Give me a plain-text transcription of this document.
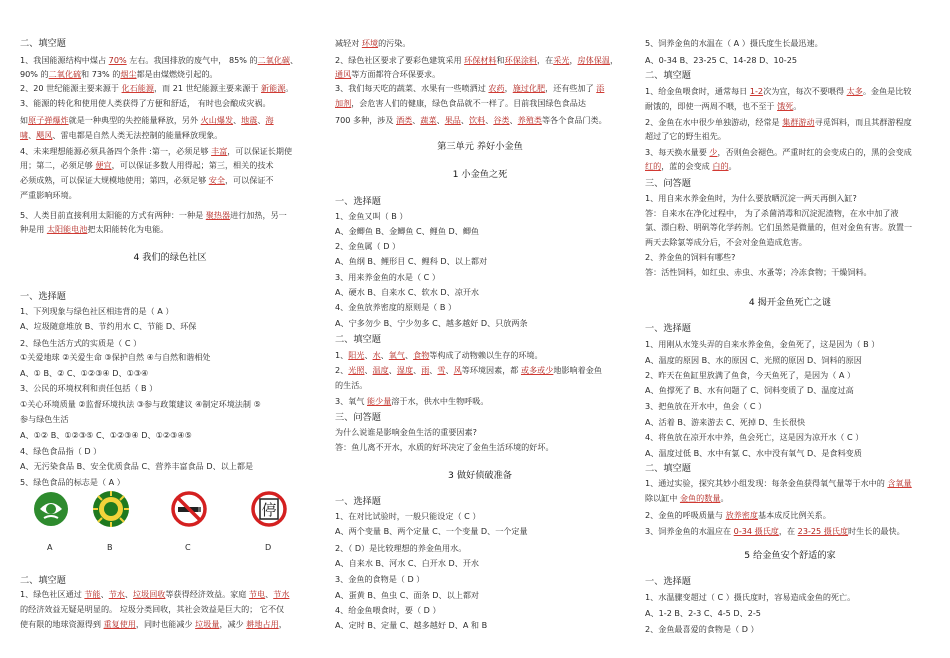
二、填空题
1、我国能源结构中煤占 70% 左右。我国排放的废气中， 85% 的二氧化碳、
90% 的二氧化硫和 73% 的烟尘都是由煤燃烧引起的。
2、20 世纪能源主要来源于 化石能源，而 21 世纪能源主要来源于 新能源。
3、能源的转化和使用使人类获得了方便和舒适， 有时也会酿成灾祸。
如原子弹爆炸就是一种典型的失控能量释放，另外 火山爆发、地震、海
啸、飓风、雷电都是自然人类无法控制的能量释放现象。
4、未来理想能源必须具备四个条件 :第一，必须足够 丰富，可以保证长期使
用；第二，必须足够 便宜，可以保证多数人用得起；第三，相关的技术
必须成熟，可以保证大规模地使用；第四，必须足够 安全，可以保证不
严重影响环境。
5、人类目前直接利用太阳能的方式有两种：一种是 聚热器进行加热，另一
种是用 太阳能电池把太阳能转化为电能。
4 我们的绿色社区
一、选择题
1、下列现象与绿色社区相违背的是（ A ）
A、垃圾随意堆放 B、节约用水 C、节能 D、环保
2、绿色生活方式的实质是（ C ）
①关爱地球 ②关爱生命 ③保护自然 ④与自然和谐相处
A、① B、② C、①②③④ D、①③④
3、公民的环境权利和责任包括（ B ）
①关心环境质量 ②监督环境执法 ③参与政策建议 ④制定环境法制 ⑤
参与绿色生活
A、①② B、①②③⑤ C、①②③④ D、①②③④⑤
4、绿色食品指（ D ）
A、无污染食品 B、安全优质食品 C、营养丰富食品 D、以上都是
5、绿色食品的标志是（ A ）
二、填空题
1、绿色社区通过 节能、节水、垃圾回收等获得经济效益。家庭 节电、节水
的经济效益无疑是明显的。 垃圾分类回收，其社会效益是巨大的； 它不仅
使有限的地球资源得到 重复使用，同时也能减少 垃圾量，减少 耕地占用，
A	B	C
停
D
减轻对 环境的污染。
2、绿色社区要求了要彩色建筑采用 环保材料和环保涂料，在采光，房体保温，
通风等方面都符合环保要求。
3、我们每天吃的蔬菜、水果有一些喷洒过 农药，施过化肥，还有些加了 添
加剂，会危害人们的健康，绿色食品就不一样了。目前我国绿色食品达
700 多种，涉及 酒类、蔬菜、果品、饮料、谷类、养殖类等各个食品门类。
第三单元 养好小金鱼
1 小金鱼之死
一、选择题
1、金鱼又叫（ B ）
A、金鲫鱼 B、金鲫鱼 C、鲤鱼 D、鲫鱼
2、金鱼属（ D ）
A、鱼纲 B、鲤形目 C、鲤科 D、以上都对
3、用来养金鱼的水是（ C ）
A、硬水 B、自来水 C、软水 D、凉开水
4、金鱼放养密度的原则是（ B ）
A、宁多勿少 B、宁少勿多 C、越多越好 D、只放两条
二、填空题
1、阳光、水、氧气、食物等构成了动物赖以生存的环境。
2、光照、温度、湿度、雨、雪、风等环境因素，都 或多或少地影响着金鱼
的生活。
3、氧气 能少量溶于水，供水中生物呼吸。
三、问答题
为什么说谁是影响金鱼生活的重要因素?
答：鱼儿离不开水，水质的好坏决定了金鱼生活环境的好坏。
3 做好侦破准备
一、选择题
1、在对比试验时，一般只能设定（ C ）
A、两个变量 B、两个定量 C、一个变量 D、一个定量
2、（ D）是比较理想的养金鱼用水。
A、自来水 B、河水 C、白开水 D、开水
3、金鱼的食物是（ D ）
A、蛋黄 B、鱼虫 C、面条 D、以上都对
4、给金鱼喂食时，要（ D ）
A、定时 B、定量 C、越多越好 D、A 和 B
5、饲养金鱼的水温在（ A ）摄氏度生长最迅速。
A、0-34 B、23-25 C、14-28 D、10-25
二、填空题
1、给金鱼喂食时，通常每日 1-2次为宜，每次不要喂得 太多。金鱼是比较
耐饿的，即使一两周不喂，也不至于 饿死。
2、金鱼在水中很少单独游动，经常是 集群游动寻觅饵料，而且其群游程度
超过了它的野生祖先。
3、每天换水量要 少，否则鱼会褪色。严重时红的会变成白的，黑的会变成
红的，蓝的会变成 白的。
三、问答题
1、用自来水养金鱼时，为什么要放晒沉淀一两天再倒入缸?
答：自来水在净化过程中， 为了杀菌消毒和沉淀泥渣物，在水中加了液
氯、漂白粉、明矾等化学药剂。它们虽然是微量的，但对金鱼有害。放置一
两天去除氯等成分后，不会对金鱼造成危害。
2、养金鱼的饲料有哪些?
答：活性饲料，如红虫、赤虫、水蚤等；冷冻食物；干燥饲料。
4 揭开金鱼死亡之谜
一、选择题
1、用刚从水笼头弄的自来水养金鱼，金鱼死了，这是因为（ B ）
A、温度的原因 B、水的原因 C、光照的原因 D、饲料的原因
2、昨天在鱼缸里放满了鱼食，今天鱼死了，是因为（ A ）
A、鱼撑死了 B、水有问题了 C、饲料变质了 D、温度过高
3、把鱼放在开水中，鱼会（ C ）
A、活着 B、游来游去 C、死掉 D、生长很快
4、将鱼放在凉开水中养，鱼会死亡，这是因为凉开水（ C ）
A、温度过低 B、水中有氯 C、水中没有氧气 D、是食料变质
二、填空题
1、通过实验，探究其妙小组发现：每条金鱼获得氧气量等于水中的 含氧量
除以缸中 金鱼的数量。
2、金鱼的呼吸质量与 放养密度基本成反比例关系。
3、饲养金鱼的水温应在 0-34 摄氏度，在 23-25 摄氏度时生长的最快。
5 给金鱼安个舒适的家
一、选择题
1、水温骤变超过（ C ）摄氏度时，容易造成金鱼的死亡。
A、1-2 B、2-3 C、4-5 D、2-5
2、金鱼最喜爱的食物是（ D ）
